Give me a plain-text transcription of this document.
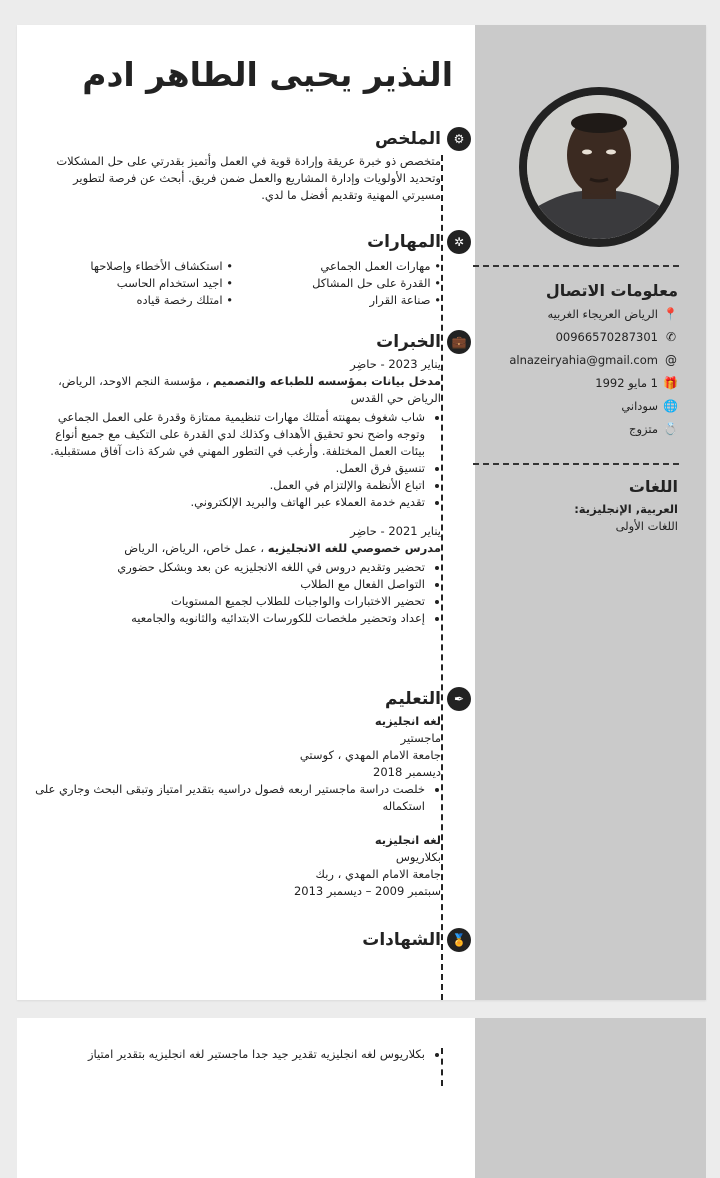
معلومات الاتصال
📍
الرياض العريجاء الغربيه
✆
00966570287301
@
alnazeiryahia@gmail.com
🎁
1 مايو 1992
🌐
سوداني
💍
متزوج
اللغات
العربية, الإنجليزية:
اللغات الأولى
النذير يحيى الطاهر ادم
⚙
الملخص
متخصص ذو خبرة عريقة وإرادة قوية في العمل وأتميز بقدرتي على حل المشكلات وتحديد الأولويات وإدارة المشاريع والعمل ضمن فريق. أبحث عن فرصة لتطوير مسيرتي المهنية وتقديم أفضل ما لدي.
✲
المهارات
• مهارات العمل الجماعي
• استكشاف الأخطاء وإصلاحها
• القدرة على حل المشاكل
• اجيد استخدام الحاسب
• صناعة القرار
• امتلك رخصة قياده
💼
الخبرات
يناير 2023 - حاضِر
مدخل بيانات بمؤسسه للطباعه والتصميم ، مؤسسة النجم الاوحد، الرياض، الرياض حي القدس
• شاب شغوف بمهنته أمتلك مهارات تنظيمية ممتازة وقدرة على العمل الجماعي وتوجه واضح نحو تحقيق الأهداف وكذلك لدي القدرة على التكيف مع جميع أنواع بيئات العمل المختلفة. وأرغب في التطور المهني في شركة ذات آفاق مستقبلية.
• تنسيق فرق العمل.
• اتباع الأنظمة والإلتزام في العمل.
• تقديم خدمة العملاء عبر الهاتف والبريد الإلكتروني.
يناير 2021 - حاضِر
مدرس خصوصي للغه الانجليزيه ، عمل خاص، الرياض، الرياض
• تحضير وتقديم دروس في اللغه الانجليزيه عن بعد وبشكل حضوري
• التواصل الفعال مع الطلاب
• تحضير الاختبارات والواجبات للطلاب لجميع المستويات
• إعداد وتحضير ملخصات للكورسات الابتدائيه والثانويه والجامعيه
✒
التعليم
لغه انجليزيه
ماجستير
جامعة الامام المهدي ، كوستي
ديسمبر 2018
• خلصت دراسة ماجستير اربعه فصول دراسيه بتقدير امتياز وتبقى البحث وجاري على استكماله
لغه انجليزيه
بكلاريوس
جامعة الامام المهدي ، ربك
سبتمبر 2009 – ديسمبر 2013
🏅
الشهادات
• بكلاريوس لغه انجليزيه تقدير جيد جدا ماجستير لغه انجليزيه بتقدير امتياز
